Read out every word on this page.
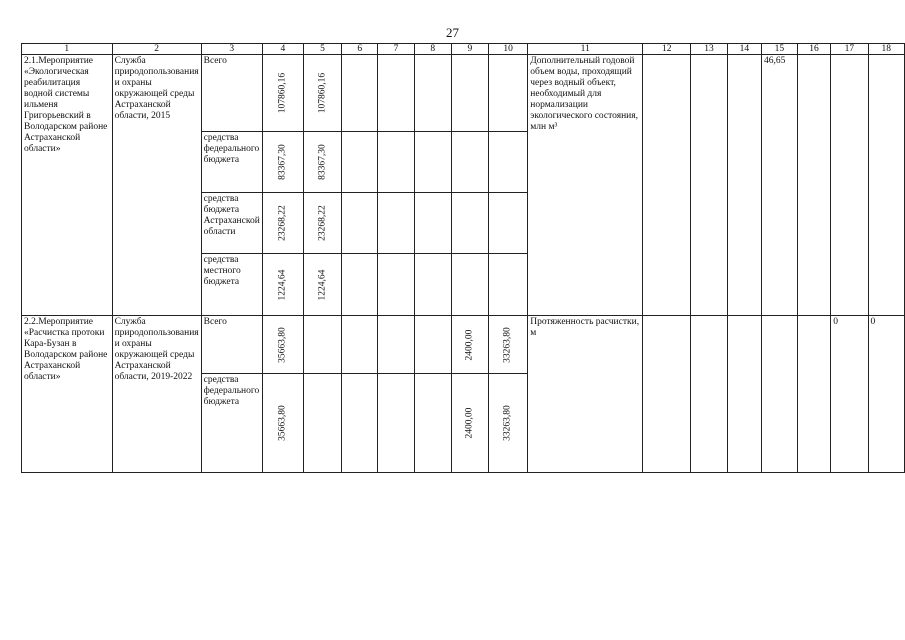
27
1	2	3	4	5	6	7	8	9	10	11	12	13	14	15	16	17	18
2.1.Мероприятие «Экологическая реабилитация водной системы ильменя Григорьевский в Володарском районе Астраханской области»	Служба природопользования и охраны окружающей среды Астраханской области, 2015	Всего	107860,16	107860,16						Дополнительный годовой объем воды, проходящий через водный объект, необходимый для нормализации экологического состояния, млн м³				46,65			
		средства федерального бюджета	83367,30	83367,30													

		средства бюджета Астраханской области	23268,22	23268,22													

		средства местного бюджета	1224,64	1224,64													

2.2.Мероприятие «Расчистка протоки Кара-Бузан в Володарском районе Астраханской области»	Служба природопользования и охраны окружающей среды Астраханской области, 2019-2022	Всего	35663,80					2400,00	33263,80	Протяженность расчистки, м						0	0
		средства федерального бюджета	35663,80					2400,00	33263,80								
